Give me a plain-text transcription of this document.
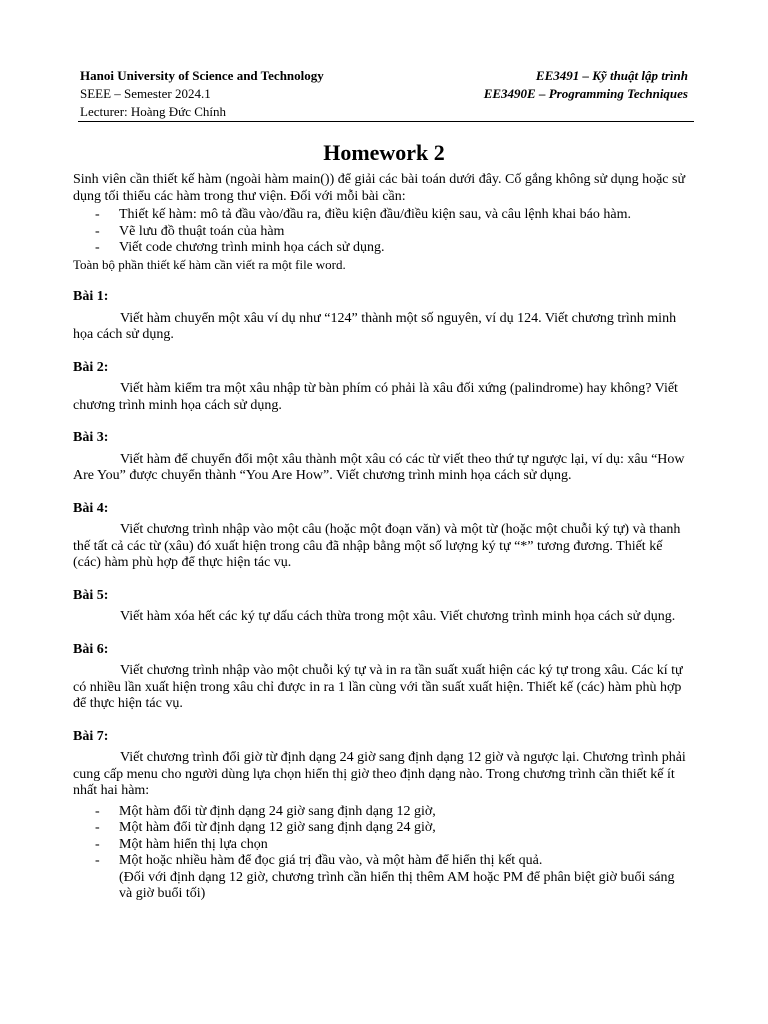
Hanoi University of Science and Technology
SEEE – Semester 2024.1
Lecturer: Hoàng Đức Chính
EE3491 – Kỹ thuật lập trình
EE3490E – Programming Techniques
Homework 2

Sinh viên cần thiết kế hàm (ngoài hàm main()) để giải các bài toán dưới đây. Cố gắng không sử dụng hoặc sử dụng tối thiểu các hàm trong thư viện. Đối với mỗi bài cần:

- Thiết kế hàm: mô tả đầu vào/đầu ra, điều kiện đầu/điều kiện sau, và câu lệnh khai báo hàm.
- Vẽ lưu đồ thuật toán của hàm
- Viết code chương trình minh họa cách sử dụng.

Toàn bộ phần thiết kế hàm cần viết ra một file word.

Bài 1:

Viết hàm chuyển một xâu ví dụ như “124” thành một số nguyên, ví dụ 124. Viết chương trình minh họa cách sử dụng.

Bài 2:

Viết hàm kiểm tra một xâu nhập từ bàn phím có phải là xâu đối xứng (palindrome) hay không? Viết chương trình minh họa cách sử dụng.

Bài 3:

Viết hàm để chuyển đổi một xâu thành một xâu có các từ viết theo thứ tự ngược lại, ví dụ: xâu “How Are You” được chuyển thành “You Are How”. Viết chương trình minh họa cách sử dụng.

Bài 4:

Viết chương trình nhập vào một câu (hoặc một đoạn văn) và một từ (hoặc một chuỗi ký tự) và thanh thế tất cả các từ (xâu) đó xuất hiện trong câu đã nhập bằng một số lượng ký tự “*” tương đương. Thiết kế (các) hàm phù hợp để thực hiện tác vụ.

Bài 5:

Viết hàm xóa hết các ký tự dấu cách thừa trong một xâu. Viết chương trình minh họa cách sử dụng.

Bài 6:

Viết chương trình nhập vào một chuỗi ký tự và in ra tần suất xuất hiện các ký tự trong xâu. Các kí tự có nhiều lần xuất hiện trong xâu chỉ được in ra 1 lần cùng với tần suất xuất hiện. Thiết kế (các) hàm phù hợp để thực hiện tác vụ.

Bài 7:

Viết chương trình đổi giờ từ định dạng 24 giờ sang định dạng 12 giờ và ngược lại. Chương trình phải cung cấp menu cho người dùng lựa chọn hiển thị giờ theo định dạng nào. Trong chương trình cần thiết kế ít nhất hai hàm:

- Một hàm đổi từ định dạng 24 giờ sang định dạng 12 giờ,
- Một hàm đổi từ định dạng 12 giờ sang định dạng 24 giờ,
- Một hàm hiển thị lựa chọn
- Một hoặc nhiều hàm để đọc giá trị đầu vào, và một hàm để hiển thị kết quả.

(Đối với định dạng 12 giờ, chương trình cần hiển thị thêm AM hoặc PM để phân biệt giờ buổi sáng và giờ buổi tối)
